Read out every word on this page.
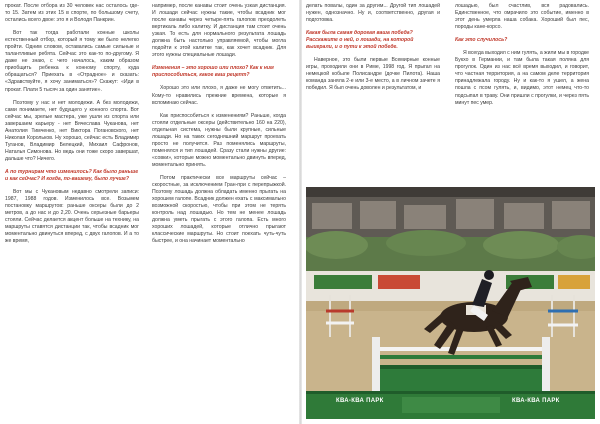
прокат. После отбора из 30 человек нас осталось где-то 15. Затем из этих 15 в спорте, по большому счету, остались всего двое: это я и Володя Панкрин.

Вот так тогда работали конные школы естественный отбор, который я тому же было нелегко пройти. Одним словом, оставались самые сильные и талантливые ребята. Сейчас это как-то по-другому. Я даже не знаю, с чего началось, каким образом приобщить ребенка к конному спорту, куда обращаться? Приехать в «Отрадное» и сказать: «Здравствуйте, я хочу заниматься»? Скажут: «Иди в прокат. Плати 5 тысяч за один занятие».

Поэтому у нас и нет молодежи. А без молодежи, сами понимаете, нет будущего у конного спорта. Вот сейчас мы, зрелые мастера, уже ушли из спорта или завершаем карьеру - нет Вячеслава Чуканова, нет Анатолия Тимченко, нет Виктора Погановского, нет Николая Корольков. Ну хорошо, сейчас есть Владимир Туганов, Владимир Белецкий, Михаил Сафронов, Наталья Симонова. Но ведь они тоже скоро завершат, дальше что? Ничего.

А по турнирам что изменилось? Как было раньше и как сейчас? И когда, по-вашему, было лучше?

Вот мы с Чукановым недавно смотрели записи: 1987, 1988 годов. Изменилось все. Возьмем постановку маршрутов: раньше оксеры были до 2 метров, а до нас и до 2,20. Очень серьезные барьеры стояли. Сейчас делается акцент больше на технику, на маршруты ставятся дистанции так, чтобы всадник мог моментально двинуться вперед, с двух галопов. И а то же время,

например, после канавы стоит очень узкая дистанция. И лошади сейчас нужны такие, чтобы всадник мог после канавы через четыре-пять галопов преодолеть вертикаль либо калитку. И дистанция там стоит очень узкая. То есть для нормального результата лошадь должна быть настолько управляемой, чтобы могла подойти к этой калитке так, как хочет всадник. Для этого нужны специальные лошади.

Изменения – это хорошо или плохо? Как к ним приспособиться, какое ваш рецепт?

Хорошо это или плохо, я даже не могу ответить... Кому-то нравились прежние времена, которые я вспоминаю сейчас.

Как приспособиться к изменениям? Раньше, когда стояли отдельные оксеры (действительно 160 на 220), отдельная система, нужны были крупные, сильные лошади. Но на таких сегодняшний маршрут проехать просто не получится. Раз поменялись маршруты, поменялся и тип лошадей. Сразу стали нужны другие: «совки», которые можно моментально двинуть вперед, моментально принять.

Потом практически все маршруты сейчас – скоростные, за исключением Гран-при с перепрыжкой. Поэтому лошадь должна обладать именно прыгать на хорошем галопе. Всадник должен ехать с максимально возможной скоростью, чтобы при этом не терять контроль над лошадью. Но тем не менее лошадь должна уметь прыгать с этого галопа. Есть много хороших лошадей, которые отлично прыгают классические маршруты. Но стоит поехать чуть-чуть быстрее, и она начинает моментально

делать повалы, один за другим... Другой тип лошадей нужен, однозначно. Ну и, соответственно, другая и подготовка.

Какая была самая дорогая ваша победа? Расскажите о ней, о лошади, на которой выиграли, и о пути к этой победе.

Наверное, это были первые Всемирные конные игры, проходили они в Риме, 1998 год. Я прыгал на немецкой кобыле Полисандре (дочке Пилота). Наша команда заняла 2-е или 3-е место, а в личном зачете я победил. Я был очень доволен и результатом, и

лошадью, был счастлив, вся радовались. Единственное, что омрачило это событие, именно в этот день умерла наша собака. Хороший был пес, породы кане-корсо.

Как это случилось?

Я всегда выходил с ним гулять, а жили мы в городке Букхо в Германии, и там была такая поляна для прогулок. Один из нас всё время выходил, и говорит, что частная территория, а на самом деле территория принадлежала городу. Ну и как-то я ушел, а жена пошла с псом гулять, и, видимо, этот немец что-то подсыпал в траву. Они пришли с прогулки, и через пять минут пес умер.

КВА-КВА ПАРК	КВА-КВА ПАРК
